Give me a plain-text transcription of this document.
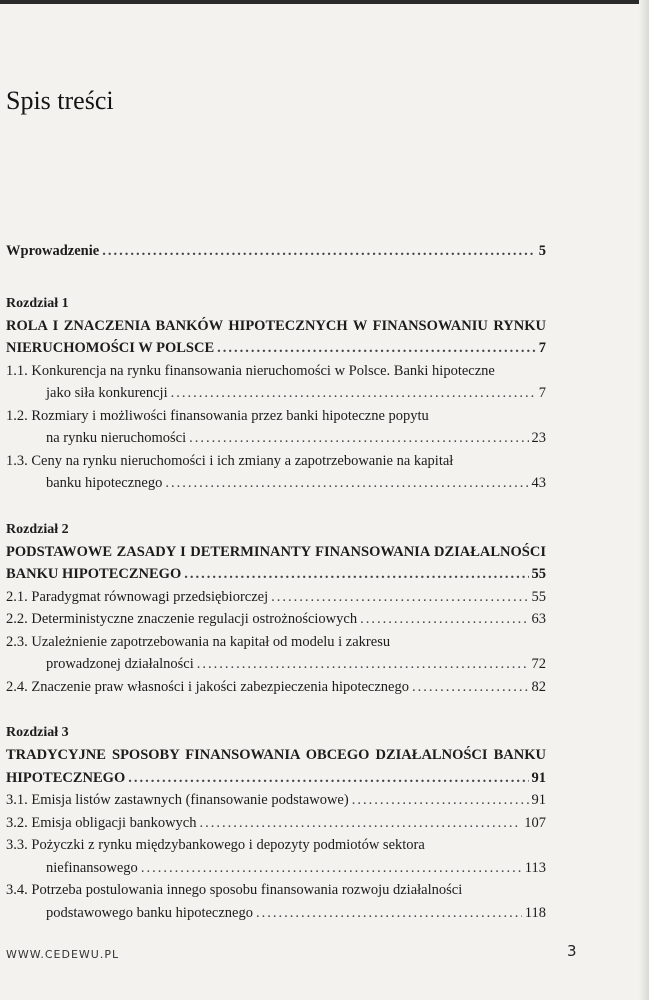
Spis treści
Wprowadzenie .....	5
Rozdział 1
ROLA I ZNACZENIA BANKÓW HIPOTECZNYCH W FINANSOWANIU RYNKU
NIERUCHOMOŚCI W POLSCE .....	7
1.1. Konkurencja na rynku finansowania nieruchomości w Polsce. Banki hipoteczne
jako siła konkurencji .....	7
1.2. Rozmiary i możliwości finansowania przez banki hipoteczne popytu
na rynku nieruchomości .....	23
1.3. Ceny na rynku nieruchomości i ich zmiany a zapotrzebowanie na kapitał
banku hipotecznego .....	43
Rozdział 2
PODSTAWOWE ZASADY I DETERMINANTY FINANSOWANIA DZIAŁALNOŚCI
BANKU HIPOTECZNEGO .....	55
2.1. Paradygmat równowagi przedsiębiorczej .....	55
2.2. Deterministyczne znaczenie regulacji ostrożnościowych .....	63
2.3. Uzależnienie zapotrzebowania na kapitał od modelu i zakresu
prowadzonej działalności .....	72
2.4. Znaczenie praw własności i jakości zabezpieczenia hipotecznego .....	82
Rozdział 3
TRADYCYJNE SPOSOBY FINANSOWANIA OBCEGO DZIAŁALNOŚCI BANKU
HIPOTECZNEGO .....	91
3.1. Emisja listów zastawnych (finansowanie podstawowe) .....	91
3.2. Emisja obligacji bankowych .....	107
3.3. Pożyczki z rynku międzybankowego i depozyty podmiotów sektora
niefinansowego .....	113
3.4. Potrzeba postulowania innego sposobu finansowania rozwoju działalności
podstawowego banku hipotecznego .....	118
WWW.CEDEWU.PL	3
